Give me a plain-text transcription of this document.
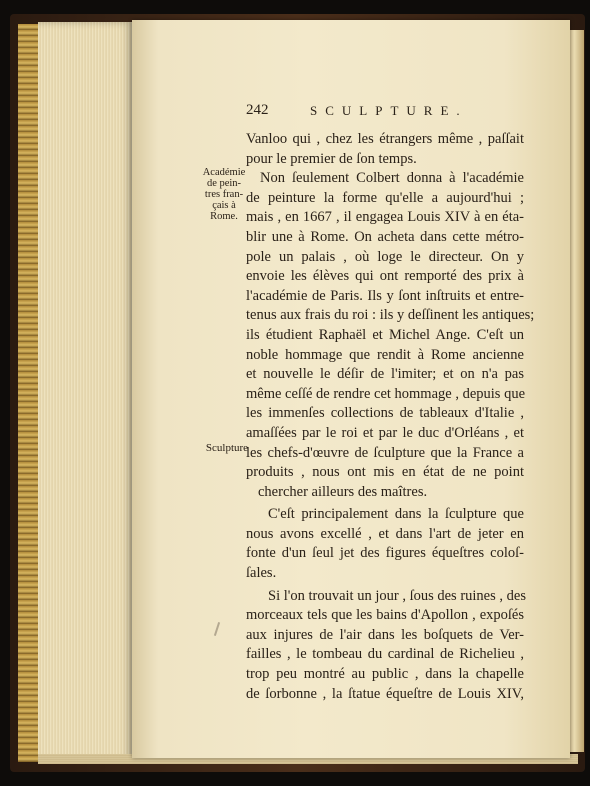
242	SCULPTURE.
Académie
de pein-
tres fran-
çais à
Rome.
Sculpture
Vanloo qui , chez les étrangers même , paſſait
pour le premier de ſon temps.
Non ſeulement Colbert donna à l'académie
de peinture la forme qu'elle a aujourd'hui ;
mais , en 1667 , il engagea Louis XIV à en éta-
blir une à Rome. On acheta dans cette métro-
pole un palais , où loge le directeur. On y
envoie les élèves qui ont remporté des prix à
l'académie de Paris. Ils y ſont inſtruits et entre-
tenus aux frais du roi : ils y deſſinent les antiques;
ils étudient Raphaël et Michel Ange. C'eſt un
noble hommage que rendit à Rome ancienne
et nouvelle le déſir de l'imiter; et on n'a pas
même ceſſé de rendre cet hommage , depuis que
les immenſes collections de tableaux d'Italie ,
amaſſées par le roi et par le duc d'Orléans , et
les chefs-d'œuvre de ſculpture que la France a
produits , nous ont mis en état de ne point
chercher ailleurs des maîtres.
C'eſt principalement dans la ſculpture que
nous avons excellé , et dans l'art de jeter en
fonte d'un ſeul jet des figures équeſtres coloſ-
ſales.
Si l'on trouvait un jour , ſous des ruines , des
morceaux tels que les bains d'Apollon , expoſés
aux injures de l'air dans les boſquets de Ver-
failles , le tombeau du cardinal de Richelieu ,
trop peu montré au public , dans la chapelle
de ſorbonne , la ſtatue équeſtre de Louis XIV,
